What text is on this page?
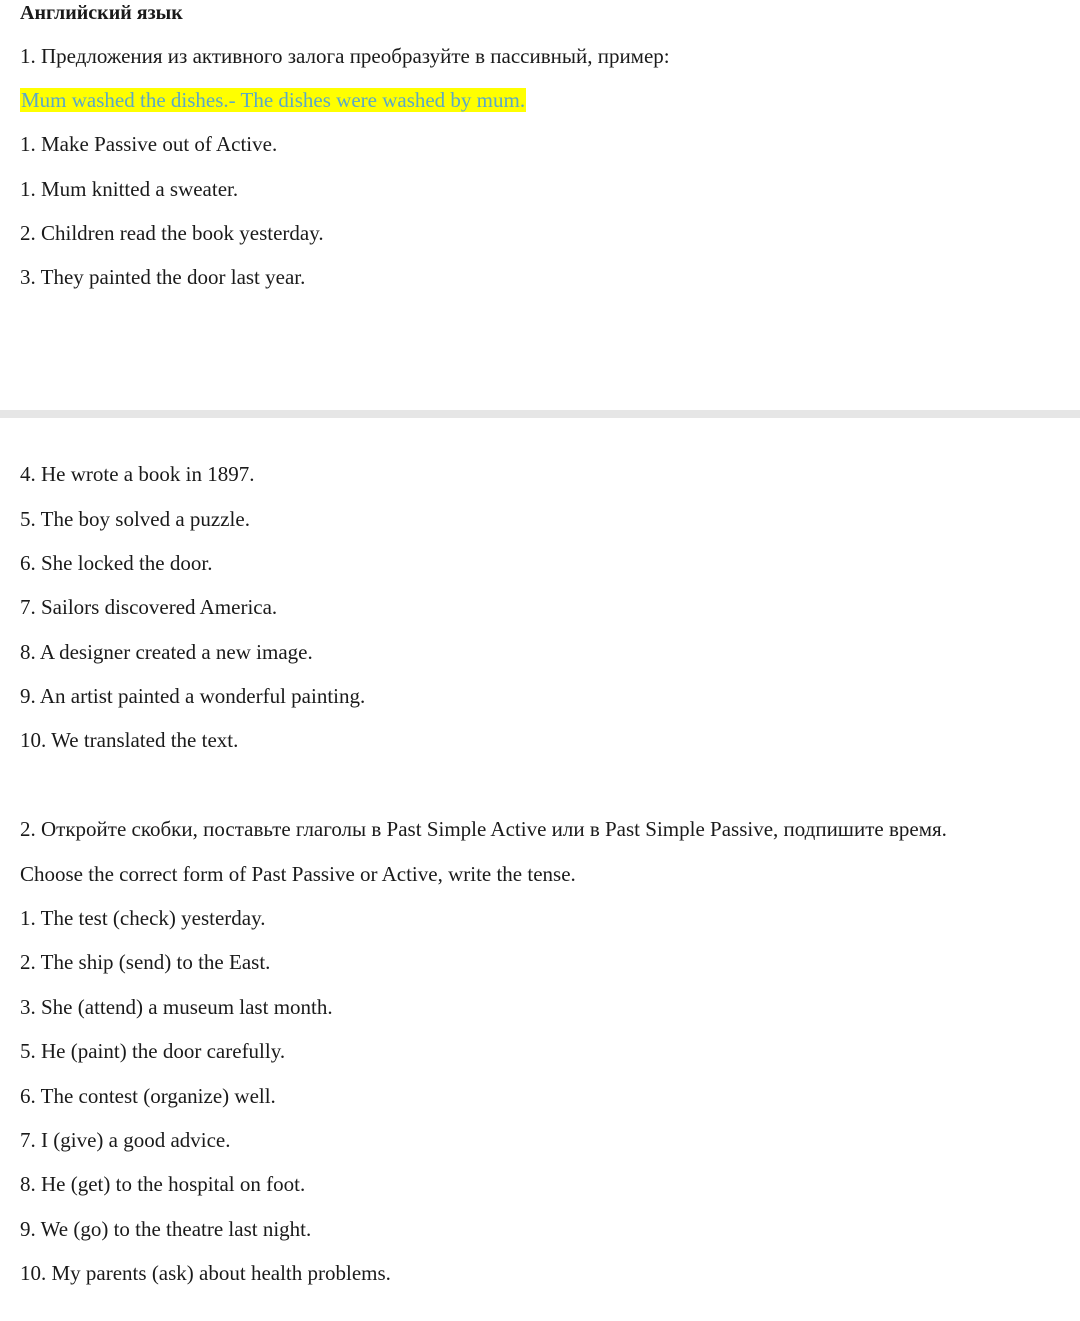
Английский язык
1. Предложения из активного залога преобразуйте в пассивный, пример:
Mum washed the dishes.- The dishes were washed by mum.
1. Make Passive out of Active.
1. Mum knitted a sweater.
2. Children read the book yesterday.
3. They painted the door last year.
4. He wrote a book in 1897.
5. The boy solved a puzzle.
6. She locked the door.
7. Sailors discovered America.
8. A designer created a new image.
9. An artist painted a wonderful painting.
10. We translated the text.
2. Откройте скобки, поставьте глаголы в Past Simple Active или в Past Simple Passive, подпишите время.
Choose the correct form of Past Passive or Active, write the tense.
1. The test (check) yesterday.
2. The ship (send) to the East.
3. She (attend) a museum last month.
5. He (paint) the door carefully.
6. The contest (organize) well.
7. I (give) a good advice.
8. He (get) to the hospital on foot.
9. We (go) to the theatre last night.
10. My parents (ask) about health problems.
